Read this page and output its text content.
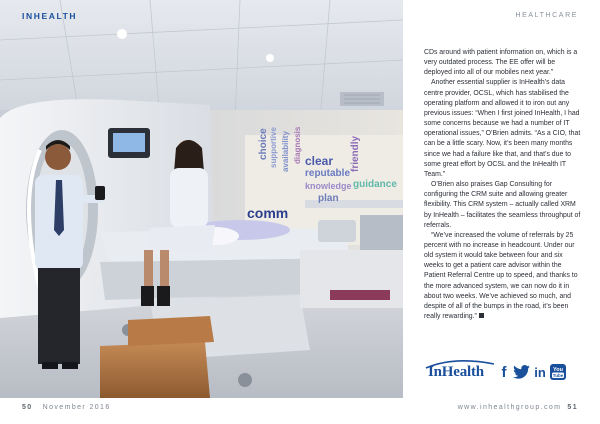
choice supportive availability diagnosis clear
reputable
knowledge
friendly
guidance
comm
plan
INHEALTH
50 November 2016
HEALTHCARE

CDs around with patient information on, which is a very outdated process. The EE offer will be deployed into all of our mobiles next year.”

Another essential supplier is InHealth’s data centre provider, OCSL, which has stabilised the operating platform and allowed it to iron out any previous issues: “When I first joined InHealth, I had some concerns because we had a number of IT operational issues,” O’Brien admits. “As a CIO, that can be a little scary. Now, it’s been many months since we had a failure like that, and that’s due to some great effort by OCSL and the InHealth IT Team.”

O’Brien also praises Gap Consulting for configuring the CRM suite and allowing greater flexibility. This CRM system – actually called XRM by InHealth – facilitates the seamless throughput of referrals.

“We’ve increased the volume of referrals by 25 percent with no increase in headcount. Under our old system it would take between four and six weeks to get a patient care advisor within the Patient Referral Centre up to speed, and thanks to the more advanced system, we can now do it in about two weeks. We’ve achieved so much, and despite of all of the bumps in the road, it’s been really rewarding.”

InHealth f in You
Tube
www.inhealthgroup.com 51
